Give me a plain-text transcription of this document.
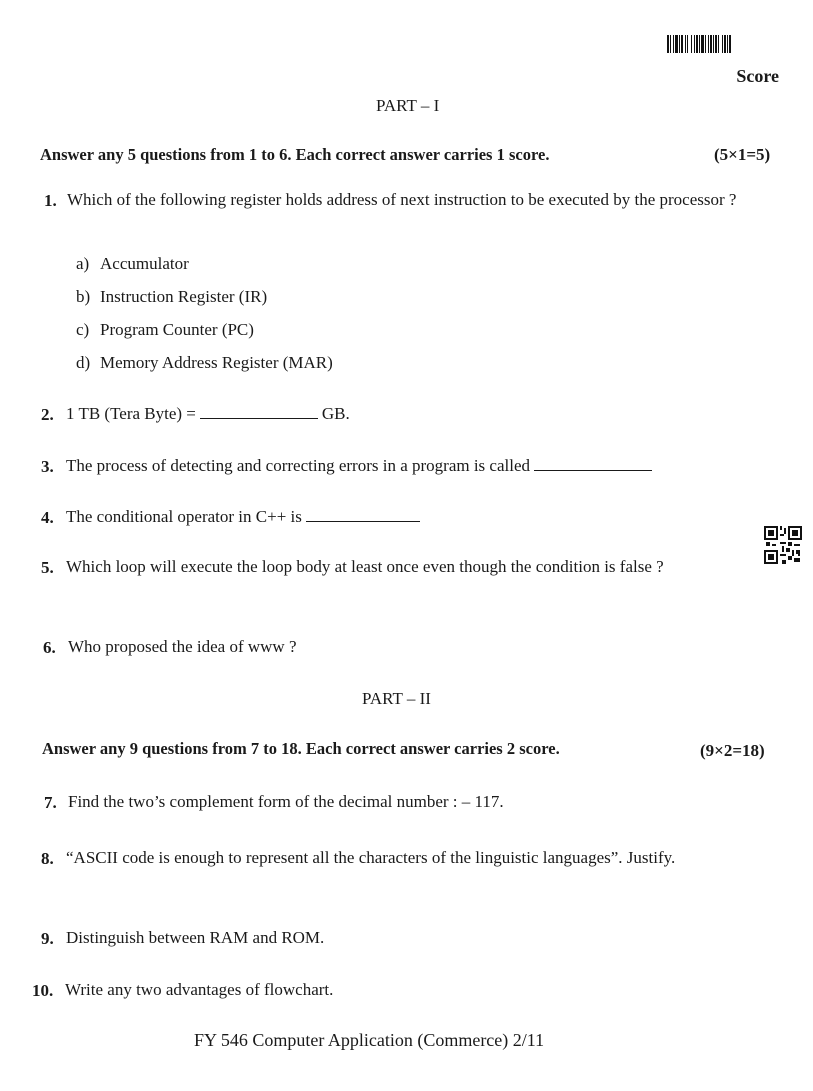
Score
PART – I
Answer any 5 questions from 1 to 6. Each correct answer carries 1 score.	(5×1=5)
1. Which of the following register holds address of next instruction to be executed by the processor ?
a) Accumulator
b) Instruction Register (IR)
c) Program Counter (PC)
d) Memory Address Register (MAR)
2. 1 TB (Tera Byte) =	GB.
3. The process of detecting and correcting errors in a program is called
4. The conditional operator in C++ is
5. Which loop will execute the loop body at least once even though the condition is false ?
6. Who proposed the idea of www ?
PART – II
Answer any 9 questions from 7 to 18. Each correct answer carries 2 score.	(9×2=18)
7. Find the two’s complement form of the decimal number : – 117.
8. “ASCII code is enough to represent all the characters of the linguistic languages”. Justify.
9. Distinguish between RAM and ROM.
10. Write any two advantages of flowchart.
FY 546 Computer Application (Commerce) 2/11
